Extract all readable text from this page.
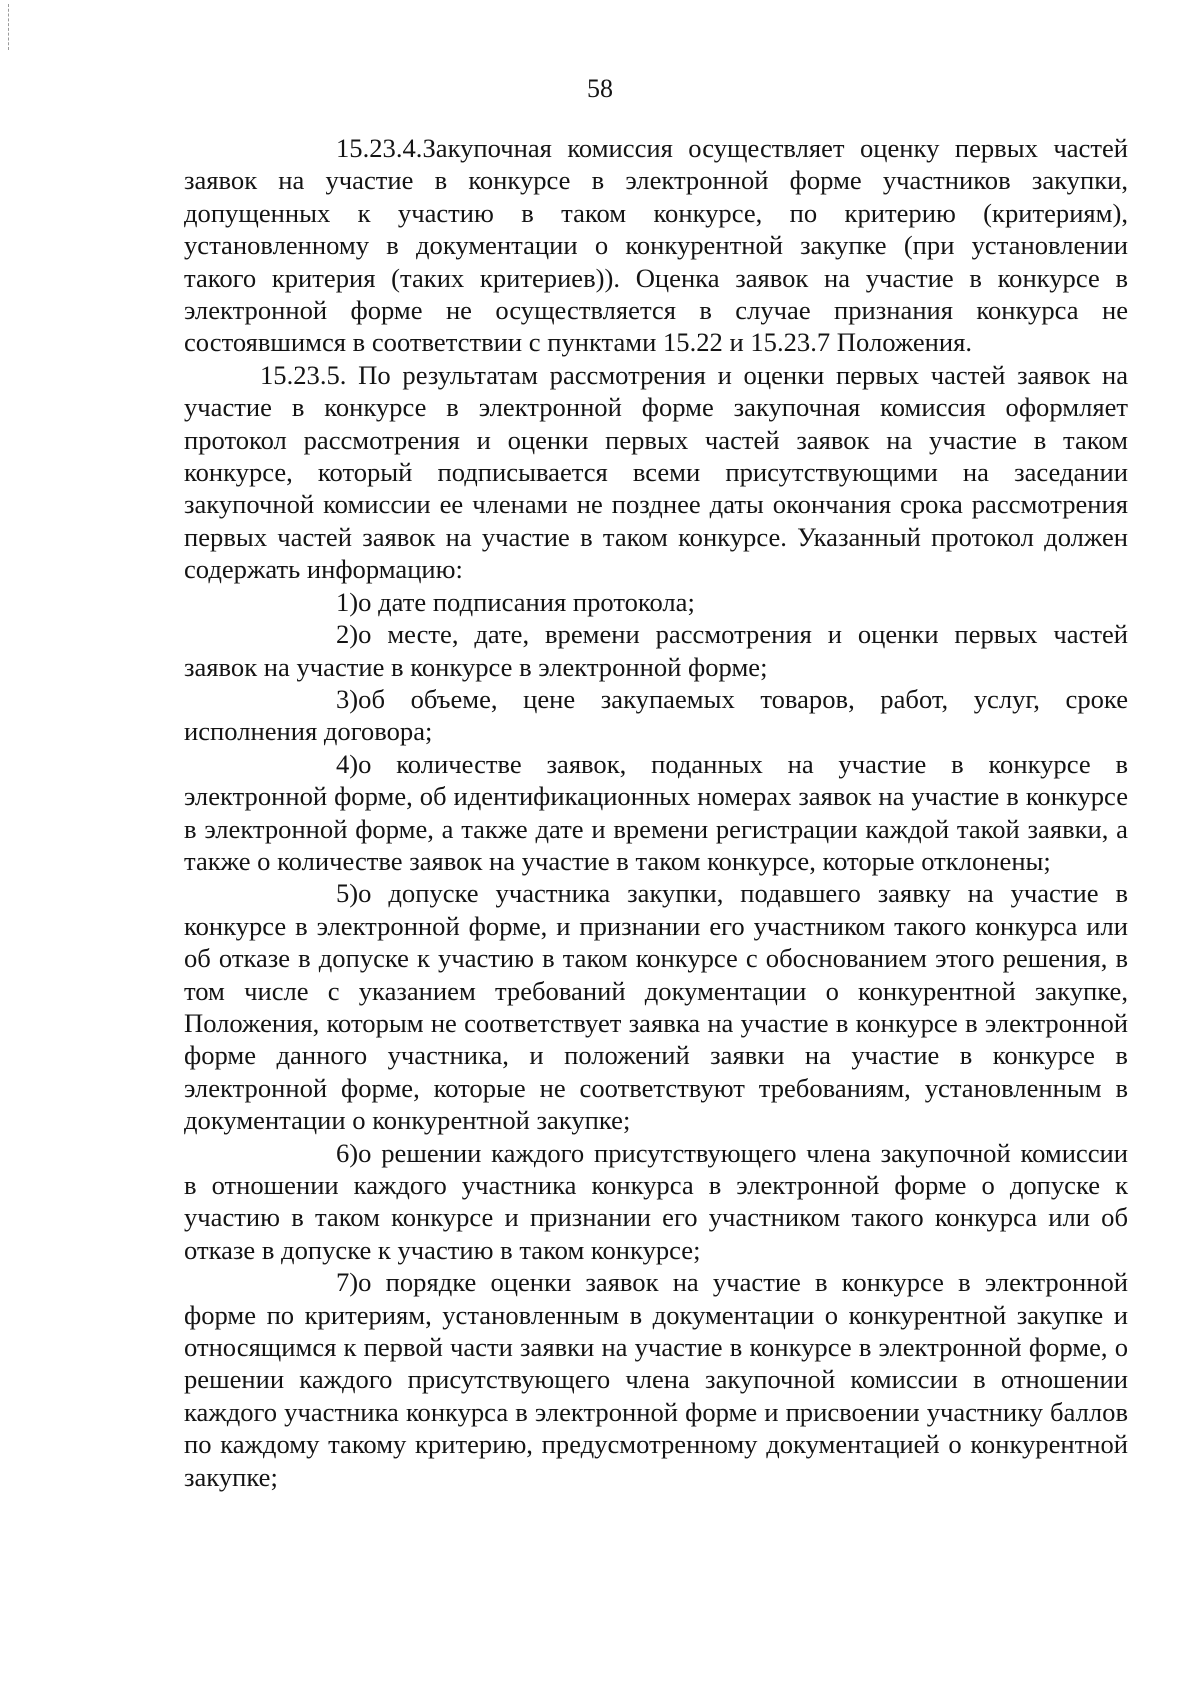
58

15.23.4.Закупочная комиссия осуществляет оценку первых частей заявок на участие в конкурсе в электронной форме участников закупки, допущенных к участию в таком конкурсе, по критерию (критериям), установленному в документации о конкурентной закупке (при установлении такого критерия (таких критериев)). Оценка заявок на участие в конкурсе в электронной форме не осуществляется в случае признания конкурса не состоявшимся в соответствии с пунктами 15.22 и 15.23.7 Положения.

15.23.5. По результатам рассмотрения и оценки первых частей заявок на участие в конкурсе в электронной форме закупочная комиссия оформляет протокол рассмотрения и оценки первых частей заявок на участие в таком конкурсе, который подписывается всеми присутствующими на заседании закупочной комиссии ее членами не позднее даты окончания срока рассмотрения первых частей заявок на участие в таком конкурсе. Указанный протокол должен содержать информацию:

1)о дате подписания протокола;

2)о месте, дате, времени рассмотрения и оценки первых частей заявок на участие в конкурсе в электронной форме;

3)об объеме, цене закупаемых товаров, работ, услуг, сроке исполнения договора;

4)о количестве заявок, поданных на участие в конкурсе в электронной форме, об идентификационных номерах заявок на участие в конкурсе в электронной форме, а также дате и времени регистрации каждой такой заявки, а также о количестве заявок на участие в таком конкурсе, которые отклонены;

5)о допуске участника закупки, подавшего заявку на участие в конкурсе в электронной форме, и признании его участником такого конкурса или об отказе в допуске к участию в таком конкурсе с обоснованием этого решения, в том числе с указанием требований документации о конкурентной закупке, Положения, которым не соответствует заявка на участие в конкурсе в электронной форме данного участника, и положений заявки на участие в конкурсе в электронной форме, которые не соответствуют требованиям, установленным в документации о конкурентной закупке;

6)о решении каждого присутствующего члена закупочной комиссии в отношении каждого участника конкурса в электронной форме о допуске к участию в таком конкурсе и признании его участником такого конкурса или об отказе в допуске к участию в таком конкурсе;

7)о порядке оценки заявок на участие в конкурсе в электронной форме по критериям, установленным в документации о конкурентной закупке и относящимся к первой части заявки на участие в конкурсе в электронной форме, о решении каждого присутствующего члена закупочной комиссии в отношении каждого участника конкурса в электронной форме и присвоении участнику баллов по каждому такому критерию, предусмотренному документацией о конкурентной закупке;
